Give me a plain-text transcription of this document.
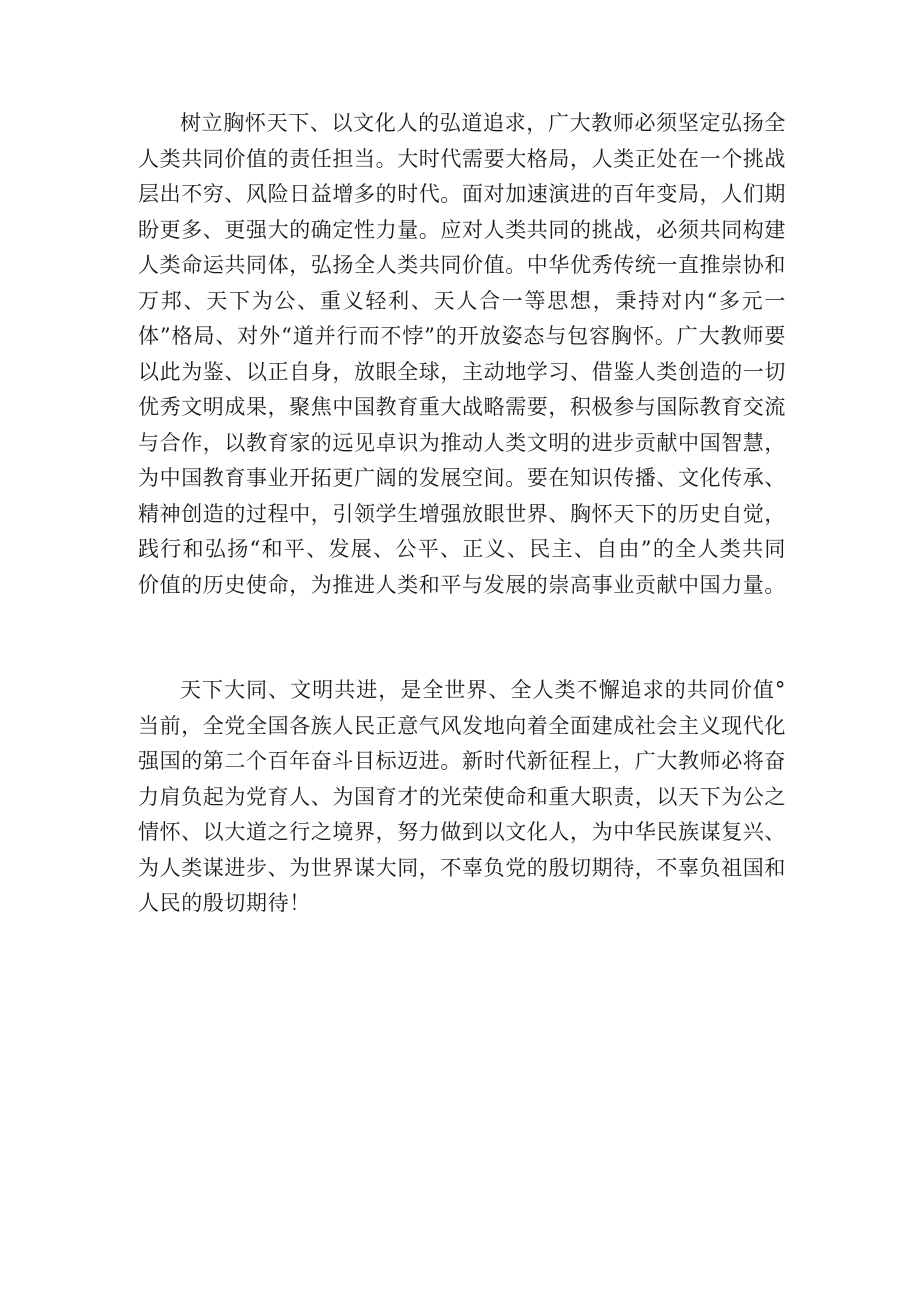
树立胸怀天下、以文化人的弘道追求，广大教师必须坚定弘扬全人类共同价值的责任担当。大时代需要大格局，人类正处在一个挑战层出不穷、风险日益增多的时代。面对加速演进的百年变局，人们期盼更多、更强大的确定性力量。应对人类共同的挑战，必须共同构建人类命运共同体，弘扬全人类共同价值。中华优秀传统一直推崇协和万邦、天下为公、重义轻利、天人合一等思想，秉持对内“多元一体”格局、对外“道并行而不悖”的开放姿态与包容胸怀。广大教师要以此为鉴、以正自身，放眼全球，主动地学习、借鉴人类创造的一切优秀文明成果，聚焦中国教育重大战略需要，积极参与国际教育交流与合作，以教育家的远见卓识为推动人类文明的进步贡献中国智慧，为中国教育事业开拓更广阔的发展空间。要在知识传播、文化传承、精神创造的过程中，引领学生增强放眼世界、胸怀天下的历史自觉，践行和弘扬“和平、发展、公平、正义、民主、自由”的全人类共同价值的历史使命，为推进人类和平与发展的崇高事业贡献中国力量。

天下大同、文明共进，是全世界、全人类不懈追求的共同价值°当前，全党全国各族人民正意气风发地向着全面建成社会主义现代化强国的第二个百年奋斗目标迈进。新时代新征程上，广大教师必将奋力肩负起为党育人、为国育才的光荣使命和重大职责，以天下为公之情怀、以大道之行之境界，努力做到以文化人，为中华民族谋复兴、为人类谋进步、为世界谋大同，不辜负党的殷切期待，不辜负祖国和人民的殷切期待！
